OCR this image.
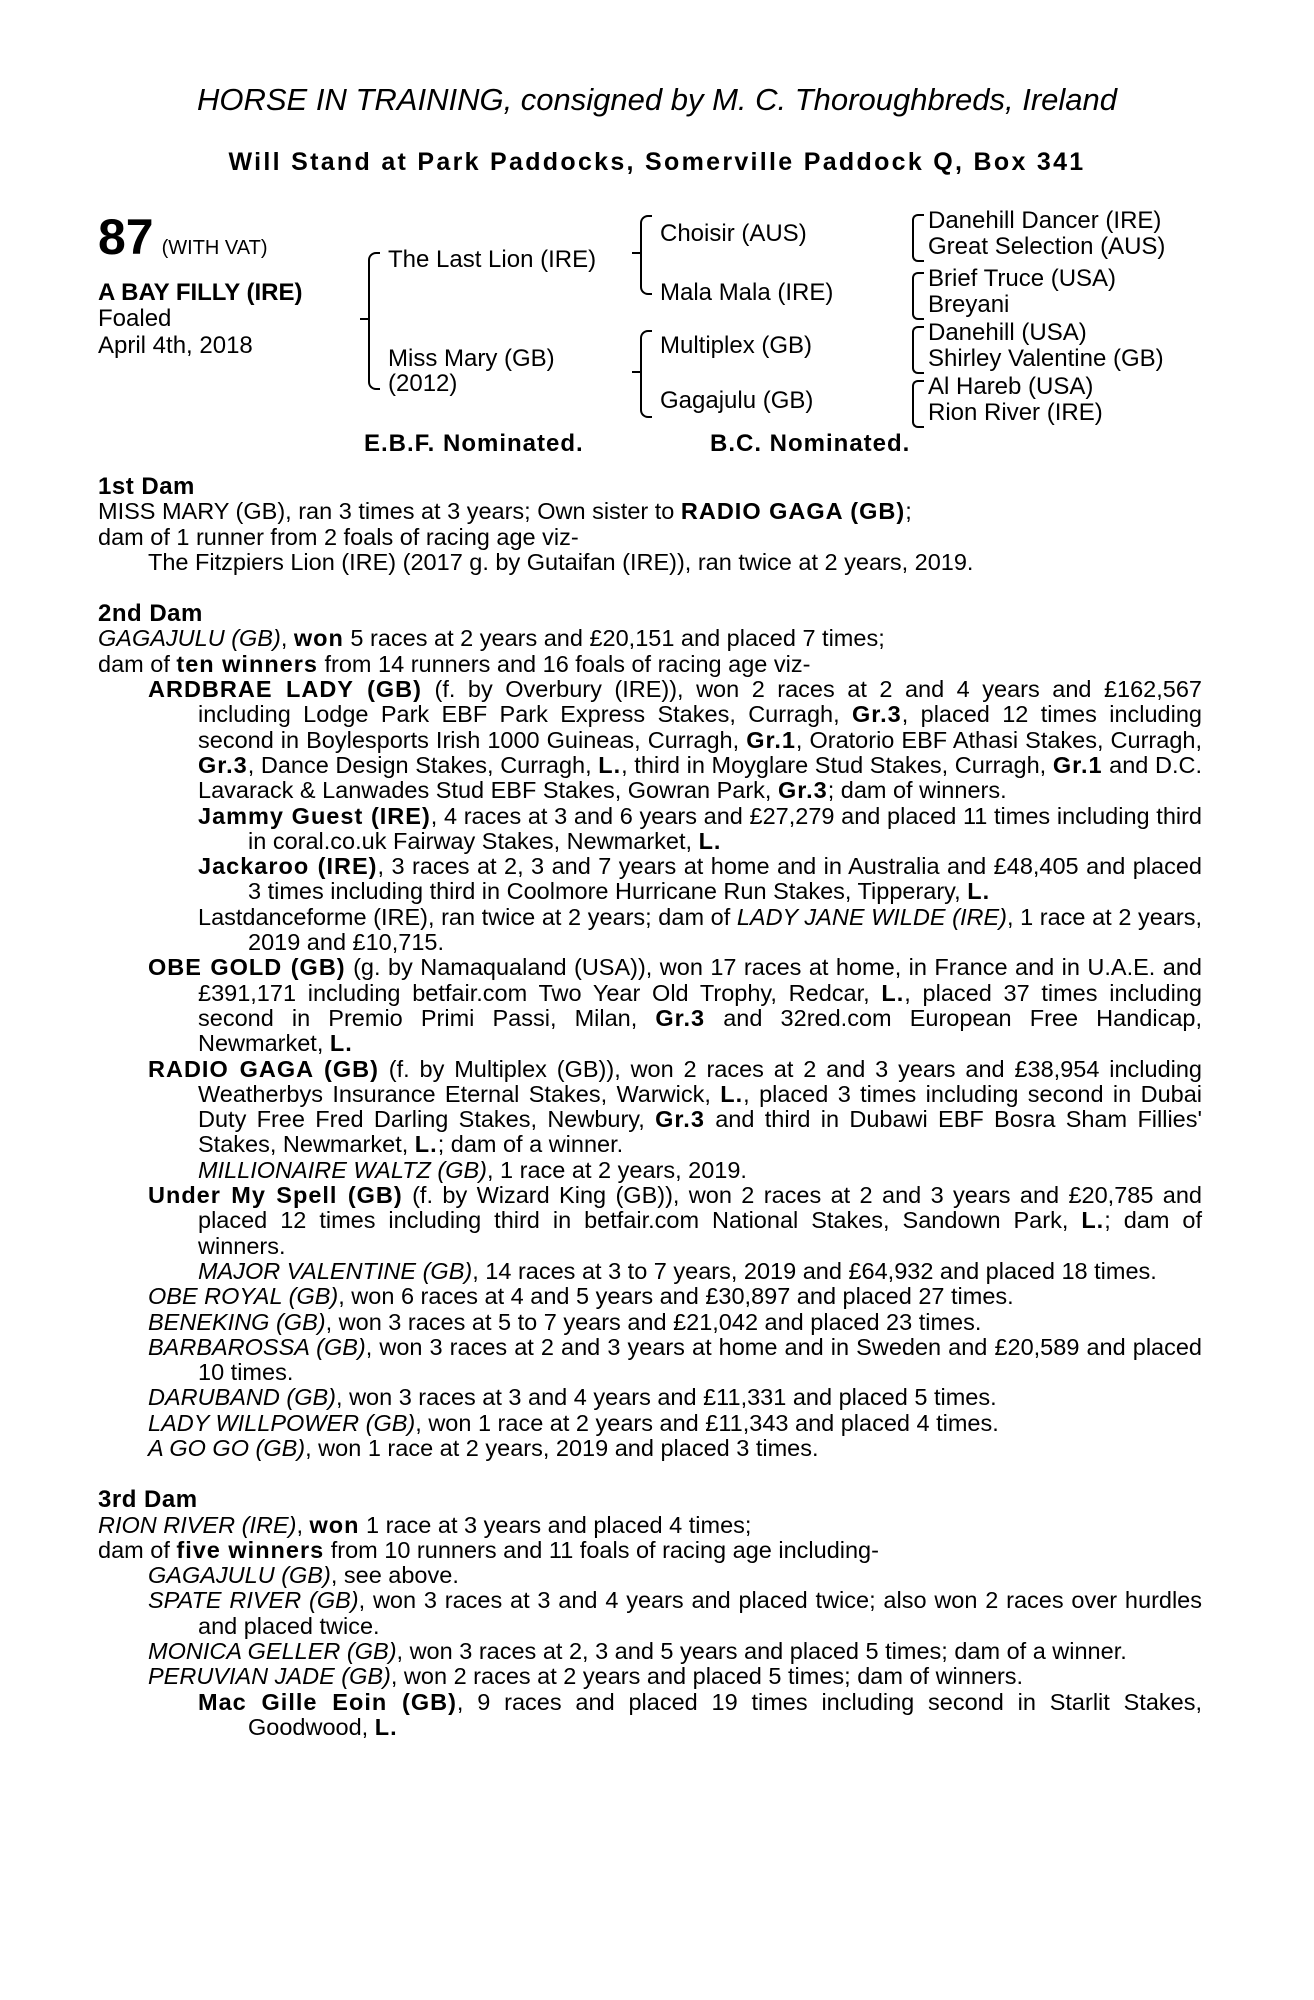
HORSE IN TRAINING, consigned by M. C. Thoroughbreds, Ireland
Will Stand at Park Paddocks, Somerville Paddock Q, Box 341
87 (WITH VAT)
A BAY FILLY (IRE)
Foaled
April 4th, 2018
The Last Lion (IRE)
Miss Mary (GB)
(2012)
Choisir (AUS)
Mala Mala (IRE)
Multiplex (GB)
Gagajulu (GB)
Danehill Dancer (IRE)
Great Selection (AUS)
Brief Truce (USA)
Breyani
Danehill (USA)
Shirley Valentine (GB)
Al Hareb (USA)
Rion River (IRE)
E.B.F. Nominated.	B.C. Nominated.

1st Dam

MISS MARY (GB), ran 3 times at 3 years; Own sister to RADIO GAGA (GB);

dam of 1 runner from 2 foals of racing age viz-

The Fitzpiers Lion (IRE) (2017 g. by Gutaifan (IRE)), ran twice at 2 years, 2019.

2nd Dam

GAGAJULU (GB), won 5 races at 2 years and £20,151 and placed 7 times;

dam of ten winners from 14 runners and 16 foals of racing age viz-

ARDBRAE LADY (GB) (f. by Overbury (IRE)), won 2 races at 2 and 4 years and £162,567 including Lodge Park EBF Park Express Stakes, Curragh, Gr.3, placed 12 times including second in Boylesports Irish 1000 Guineas, Curragh, Gr.1, Oratorio EBF Athasi Stakes, Curragh, Gr.3, Dance Design Stakes, Curragh, L., third in Moyglare Stud Stakes, Curragh, Gr.1 and D.C. Lavarack & Lanwades Stud EBF Stakes, Gowran Park, Gr.3; dam of winners.

Jammy Guest (IRE), 4 races at 3 and 6 years and £27,279 and placed 11 times including third in coral.co.uk Fairway Stakes, Newmarket, L.

Jackaroo (IRE), 3 races at 2, 3 and 7 years at home and in Australia and £48,405 and placed 3 times including third in Coolmore Hurricane Run Stakes, Tipperary, L.

Lastdanceforme (IRE), ran twice at 2 years; dam of LADY JANE WILDE (IRE), 1 race at 2 years, 2019 and £10,715.

OBE GOLD (GB) (g. by Namaqualand (USA)), won 17 races at home, in France and in U.A.E. and £391,171 including betfair.com Two Year Old Trophy, Redcar, L., placed 37 times including second in Premio Primi Passi, Milan, Gr.3 and 32red.com European Free Handicap, Newmarket, L.

RADIO GAGA (GB) (f. by Multiplex (GB)), won 2 races at 2 and 3 years and £38,954 including Weatherbys Insurance Eternal Stakes, Warwick, L., placed 3 times including second in Dubai Duty Free Fred Darling Stakes, Newbury, Gr.3 and third in Dubawi EBF Bosra Sham Fillies' Stakes, Newmarket, L.; dam of a winner.

MILLIONAIRE WALTZ (GB), 1 race at 2 years, 2019.

Under My Spell (GB) (f. by Wizard King (GB)), won 2 races at 2 and 3 years and £20,785 and placed 12 times including third in betfair.com National Stakes, Sandown Park, L.; dam of winners.

MAJOR VALENTINE (GB), 14 races at 3 to 7 years, 2019 and £64,932 and placed 18 times.

OBE ROYAL (GB), won 6 races at 4 and 5 years and £30,897 and placed 27 times.

BENEKING (GB), won 3 races at 5 to 7 years and £21,042 and placed 23 times.

BARBAROSSA (GB), won 3 races at 2 and 3 years at home and in Sweden and £20,589 and placed 10 times.

DARUBAND (GB), won 3 races at 3 and 4 years and £11,331 and placed 5 times.

LADY WILLPOWER (GB), won 1 race at 2 years and £11,343 and placed 4 times.

A GO GO (GB), won 1 race at 2 years, 2019 and placed 3 times.

3rd Dam

RION RIVER (IRE), won 1 race at 3 years and placed 4 times;

dam of five winners from 10 runners and 11 foals of racing age including-

GAGAJULU (GB), see above.

SPATE RIVER (GB), won 3 races at 3 and 4 years and placed twice; also won 2 races over hurdles and placed twice.

MONICA GELLER (GB), won 3 races at 2, 3 and 5 years and placed 5 times; dam of a winner.

PERUVIAN JADE (GB), won 2 races at 2 years and placed 5 times; dam of winners.

Mac Gille Eoin (GB), 9 races and placed 19 times including second in Starlit Stakes, Goodwood, L.
